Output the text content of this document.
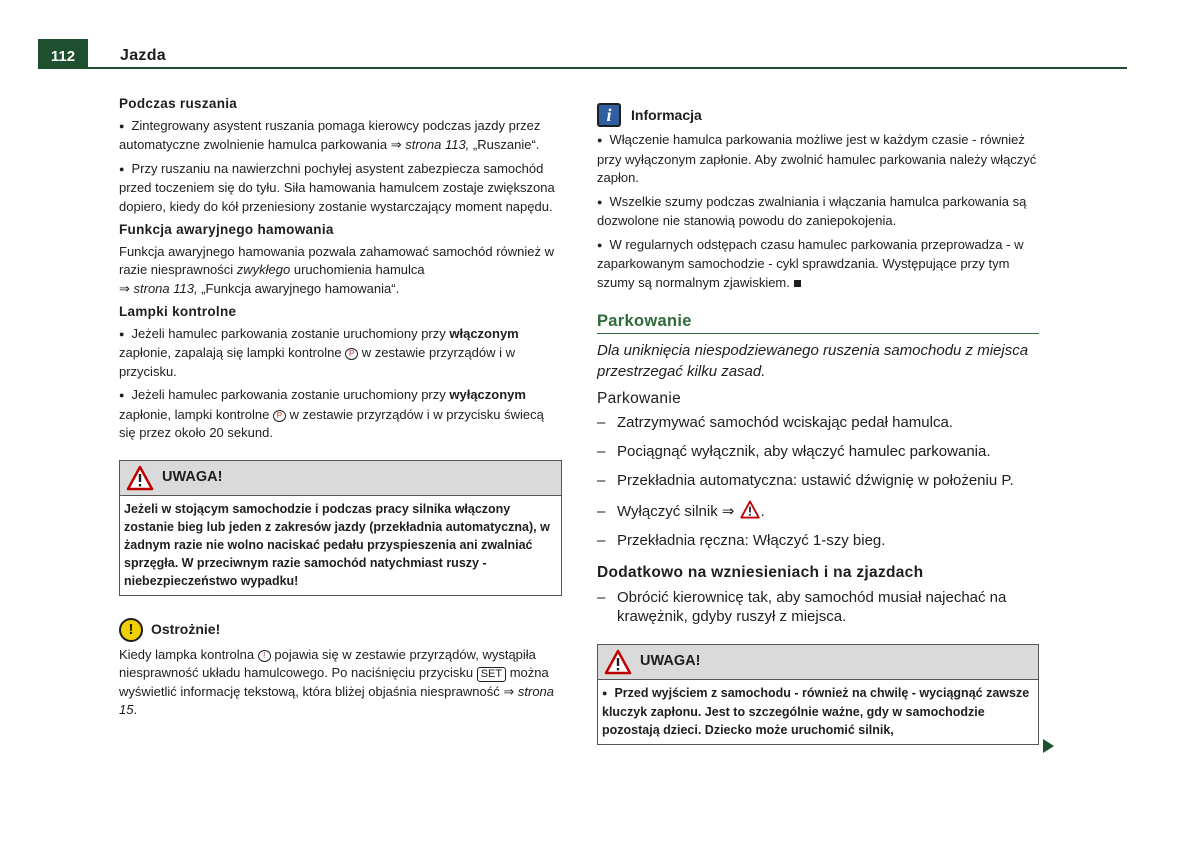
112	Jazda
Podczas ruszania

● Zintegrowany asystent ruszania pomaga kierowcy podczas jazdy przez automatyczne zwolnienie hamulca parkowania ⇒ strona 113, „Ruszanie“.

● Przy ruszaniu na nawierzchni pochyłej asystent zabezpiecza samochód przed toczeniem się do tyłu. Siła hamowania hamulcem zostaje zwiększona dopiero, kiedy do kół przeniesiony zostanie wystarczający moment napędu.

Funkcja awaryjnego hamowania

Funkcja awaryjnego hamowania pozwala zahamować samochód również w razie niesprawności zwykłego uruchomienia hamulca
⇒ strona 113, „Funkcja awaryjnego hamowania“.

Lampki kontrolne

● Jeżeli hamulec parkowania zostanie uruchomiony przy włączonym zapłonie, zapalają się lampki kontrolne P w zestawie przyrządów i w przycisku.

● Jeżeli hamulec parkowania zostanie uruchomiony przy wyłączonym zapłonie, lampki kontrolne P w zestawie przyrządów i w przycisku świecą się przez około 20 sekund.

UWAGA!
Jeżeli w stojącym samochodzie i podczas pracy silnika włączony zostanie bieg lub jeden z zakresów jazdy (przekładnia automatyczna), w żadnym razie nie wolno naciskać pedału przyspieszenia ani zwalniać sprzęgła. W przeciwnym razie samochód natychmiast ruszy - niebezpieczeństwo wypadku!
!	Ostrożnie!

Kiedy lampka kontrolna ! pojawia się w zestawie przyrządów, wystąpiła niesprawność układu hamulcowego. Po naciśnięciu przycisku SET można wyświetlić informację tekstową, która bliżej objaśnia niesprawność ⇒ strona 15.

i	Informacja

● Włączenie hamulca parkowania możliwe jest w każdym czasie - również przy wyłączonym zapłonie. Aby zwolnić hamulec parkowania należy włączyć zapłon.

● Wszelkie szumy podczas zwalniania i włączania hamulca parkowania są dozwolone nie stanowią powodu do zaniepokojenia.

● W regularnych odstępach czasu hamulec parkowania przeprowadza - w zaparkowanym samochodzie - cykl sprawdzania. Występujące przy tym szumy są normalnym zjawiskiem.

Parkowanie
Dla uniknięcia niespodziewanego ruszenia samochodu z miejsca przestrzegać kilku zasad.
Parkowanie
– Zatrzymywać samochód wciskając pedał hamulca.
– Pociągnąć wyłącznik, aby włączyć hamulec parkowania.
– Przekładnia automatyczna: ustawić dźwignię w położeniu P.
– Wyłączyć silnik ⇒ .
– Przekładnia ręczna: Włączyć 1-szy bieg.
Dodatkowo na wzniesieniach i na zjazdach
– Obrócić kierownicę tak, aby samochód musiał najechać na krawężnik, gdyby ruszył z miejsca.
UWAGA!
● Przed wyjściem z samochodu - również na chwilę - wyciągnąć zawsze kluczyk zapłonu. Jest to szczególnie ważne, gdy w samochodzie pozostają dzieci. Dziecko może uruchomić silnik,
